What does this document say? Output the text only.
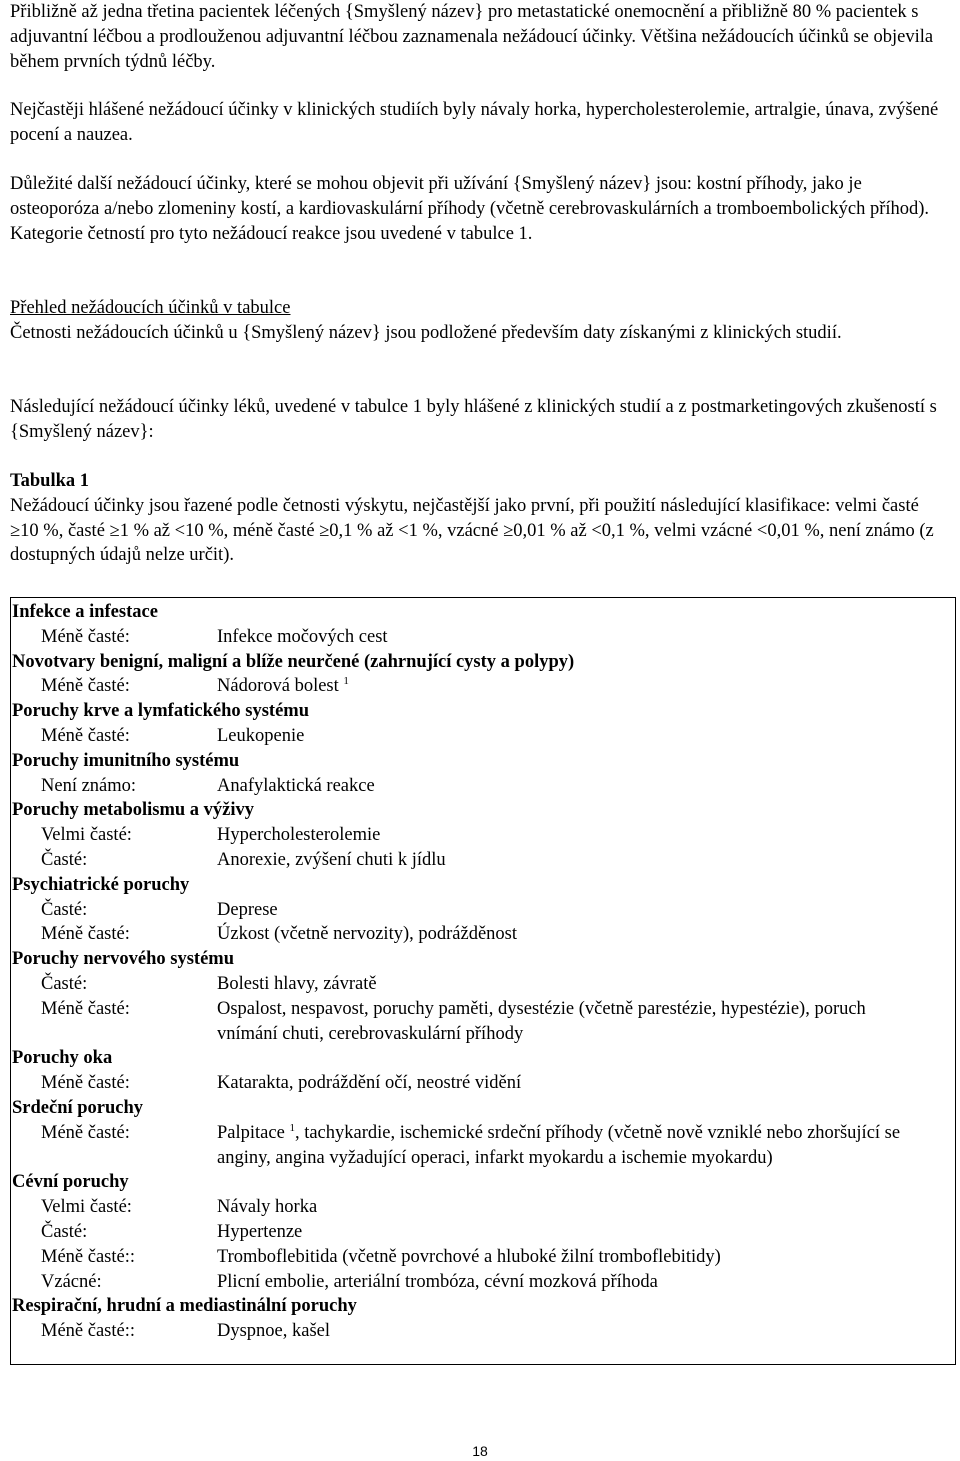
Přibližně až jedna třetina pacientek léčených {Smyšlený název} pro metastatické onemocnění a přibližně 80 % pacientek s adjuvantní léčbou a prodlouženou adjuvantní léčbou zaznamenala nežádoucí účinky. Většina nežádoucích účinků se objevila během prvních týdnů léčby.

Nejčastěji hlášené nežádoucí účinky v klinických studiích byly návaly horka, hypercholesterolemie, artralgie, únava, zvýšené pocení a nauzea.

Důležité další nežádoucí účinky, které se mohou objevit při užívání {Smyšlený název} jsou: kostní příhody, jako je osteoporóza a/nebo zlomeniny kostí, a kardiovaskulární příhody (včetně cerebrovaskulárních a tromboembolických příhod). Kategorie četností pro tyto nežádoucí reakce jsou uvedené v tabulce 1.

Přehled nežádoucích účinků v tabulce

Četnosti nežádoucích účinků u {Smyšlený název} jsou podložené především daty získanými z klinických studií.

Následující nežádoucí účinky léků, uvedené v tabulce 1 byly hlášené z klinických studií a z postmarketingových zkušeností s {Smyšlený název}:

Tabulka 1

Nežádoucí účinky jsou řazené podle četnosti výskytu, nejčastější jako první, při použití následující klasifikace: velmi časté ≥10 %, časté ≥1 % až <10 %, méně časté ≥0,1 % až <1 %, vzácné ≥0,01 % až <0,1 %, velmi vzácné <0,01 %, není známo (z dostupných údajů nelze určit).

Infekce a infestace
Méně časté:	Infekce močových cest
Novotvary benigní, maligní a blíže neurčené (zahrnující cysty a polypy)
Méně časté:	Nádorová bolest $^1$
Poruchy krve a lymfatického systému
Méně časté:	Leukopenie
Poruchy imunitního systému
Není známo:	Anafylaktická reakce
Poruchy metabolismu a výživy
Velmi časté:	Hypercholesterolemie
Časté:	Anorexie, zvýšení chuti k jídlu
Psychiatrické poruchy
Časté:	Deprese
Méně časté:	Úzkost (včetně nervozity), podrážděnost
Poruchy nervového systému
Časté:	Bolesti hlavy, závratě
Méně časté:	Ospalost, nespavost, poruchy paměti, dysestézie (včetně parestézie, hypestézie), poruch vnímání chuti, cerebrovaskulární příhody
Poruchy oka
Méně časté:	Katarakta, podráždění očí, neostré vidění
Srdeční poruchy
Méně časté:	Palpitace $^1$, tachykardie, ischemické srdeční příhody (včetně nově vzniklé nebo zhoršující se anginy, angina vyžadující operaci, infarkt myokardu a ischemie myokardu)
Cévní poruchy
Velmi časté:	Návaly horka
Časté:	Hypertenze
Méně časté::	Tromboflebitida (včetně povrchové a hluboké žilní tromboflebitidy)
Vzácné:	Plicní embolie, arteriální trombóza, cévní mozková příhoda
Respirační, hrudní a mediastinální poruchy
Méně časté::	Dyspnoe, kašel
18
